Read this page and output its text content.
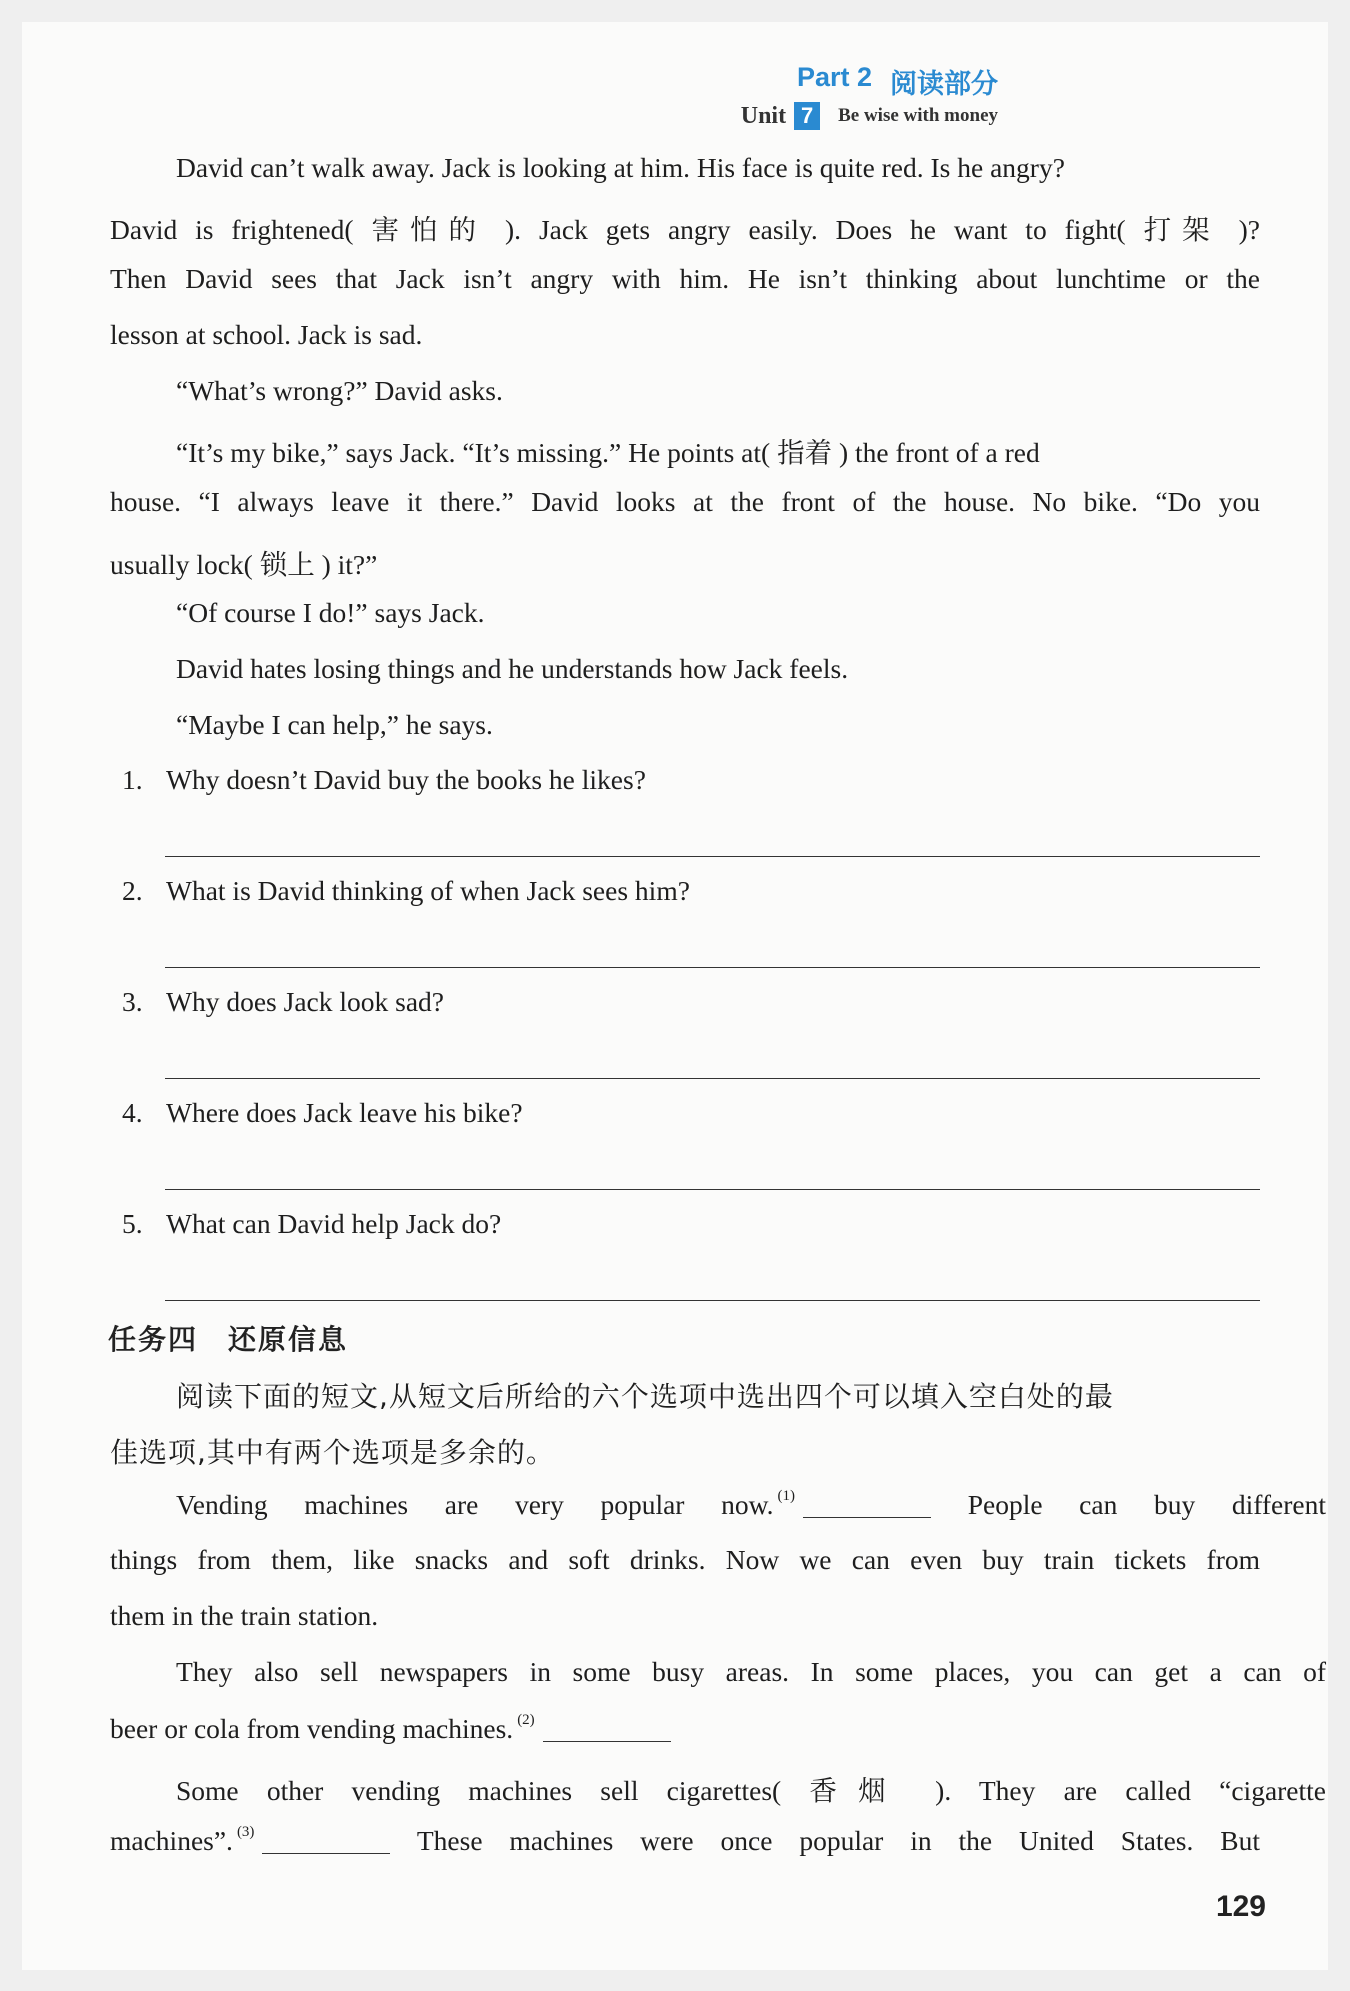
Part 2 阅读部分
Unit 7	Be wise with money
David can’t walk away. Jack is looking at him. His face is quite red. Is he angry?
David is frightened( 害怕的 ). Jack gets angry easily. Does he want to fight( 打架 )?
Then David sees that Jack isn’t angry with him. He isn’t thinking about lunchtime or the
lesson at school. Jack is sad.
“What’s wrong?” David asks.
“It’s my bike,” says Jack. “It’s missing.” He points at( 指着 ) the front of a red
house. “I always leave it there.” David looks at the front of the house. No bike. “Do you
usually lock( 锁上 ) it?”
“Of course I do!” says Jack.
David hates losing things and he understands how Jack feels.
“Maybe I can help,” he says.
1. Why doesn’t David buy the books he likes?
2. What is David thinking of when Jack sees him?
3. Why does Jack look sad?
4. Where does Jack leave his bike?
5. What can David help Jack do?
任务四 还原信息
阅读下面的短文,从短文后所给的六个选项中选出四个可以填入空白处的最
佳选项,其中有两个选项是多余的。
Vending machines are very popular now. $^{(1)}$	People can buy different
things from them, like snacks and soft drinks. Now we can even buy train tickets from
them in the train station.
They also sell newspapers in some busy areas. In some places, you can get a can of
beer or cola from vending machines. $^{(2)}$
Some other vending machines sell cigarettes( 香烟 ). They are called “cigarette
machines”. $^{(3)}$	These machines were once popular in the United States. But
129
